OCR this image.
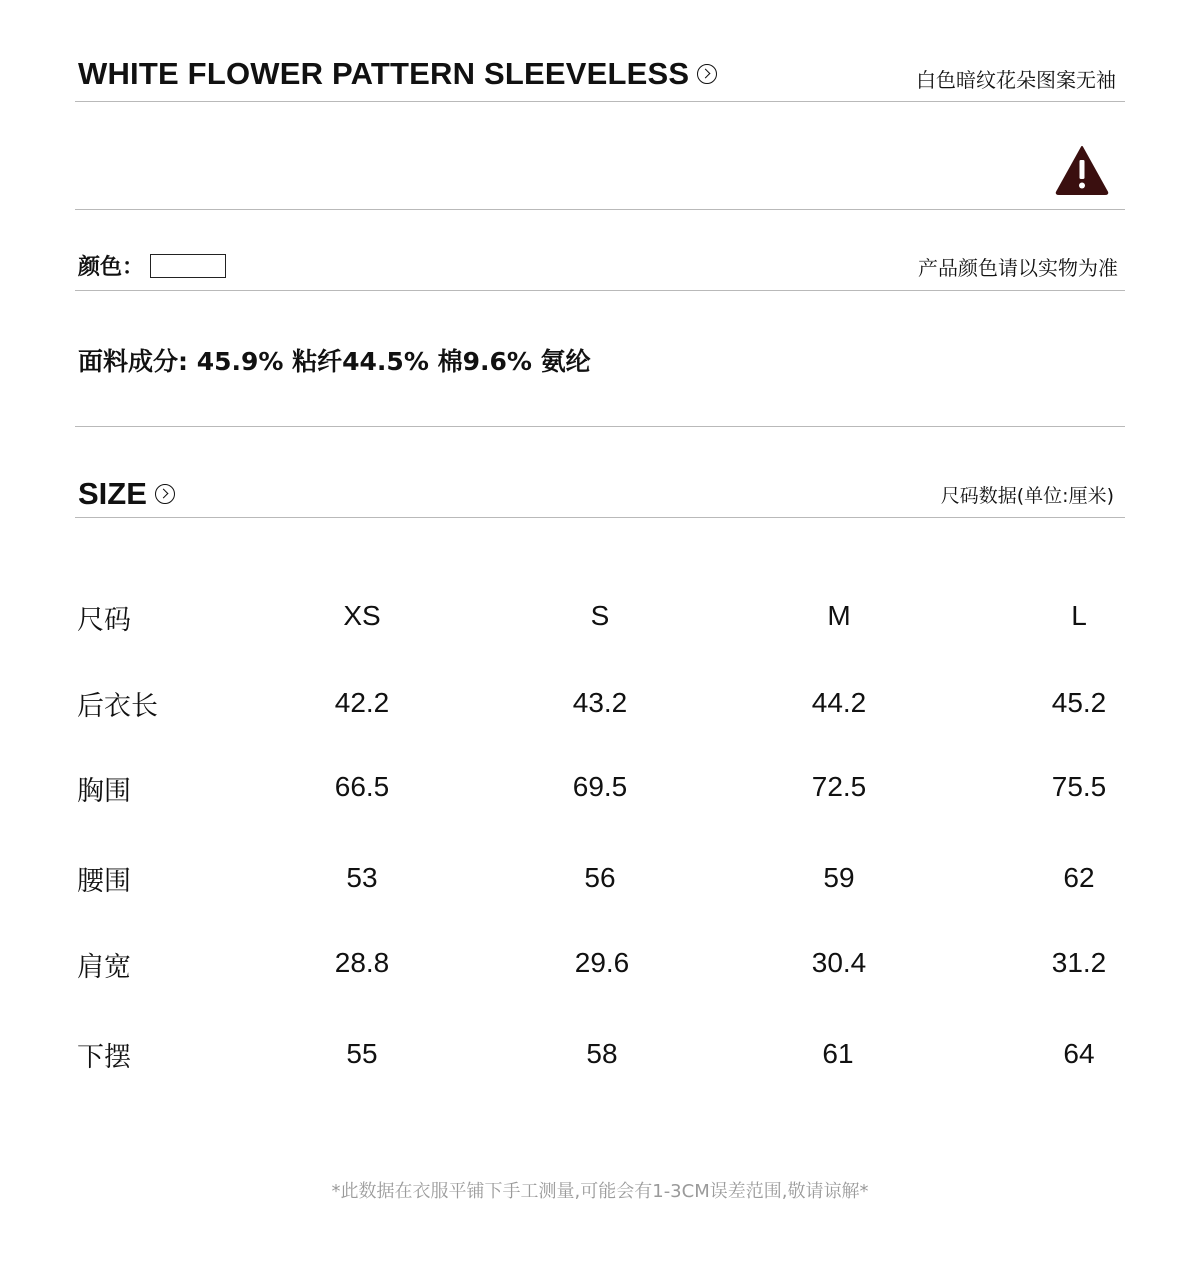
WHITE FLOWER PATTERN SLEEVELESS	白色暗纹花朵图案无袖
颜色：	产品颜色请以实物为准
面料成分: 45.9% 粘纤44.5% 棉9.6% 氨纶
SIZE	尺码数据(单位:厘米)
尺码	XS	S	M	L
后衣长	42.2	43.2	44.2	45.2
胸围	66.5	69.5	72.5	75.5
腰围	53	56	59	62
肩宽	28.8	29.6	30.4	31.2
下摆	55	58	61	64
*此数据在衣服平铺下手工测量,可能会有1-3CM误差范围,敬请谅解*
